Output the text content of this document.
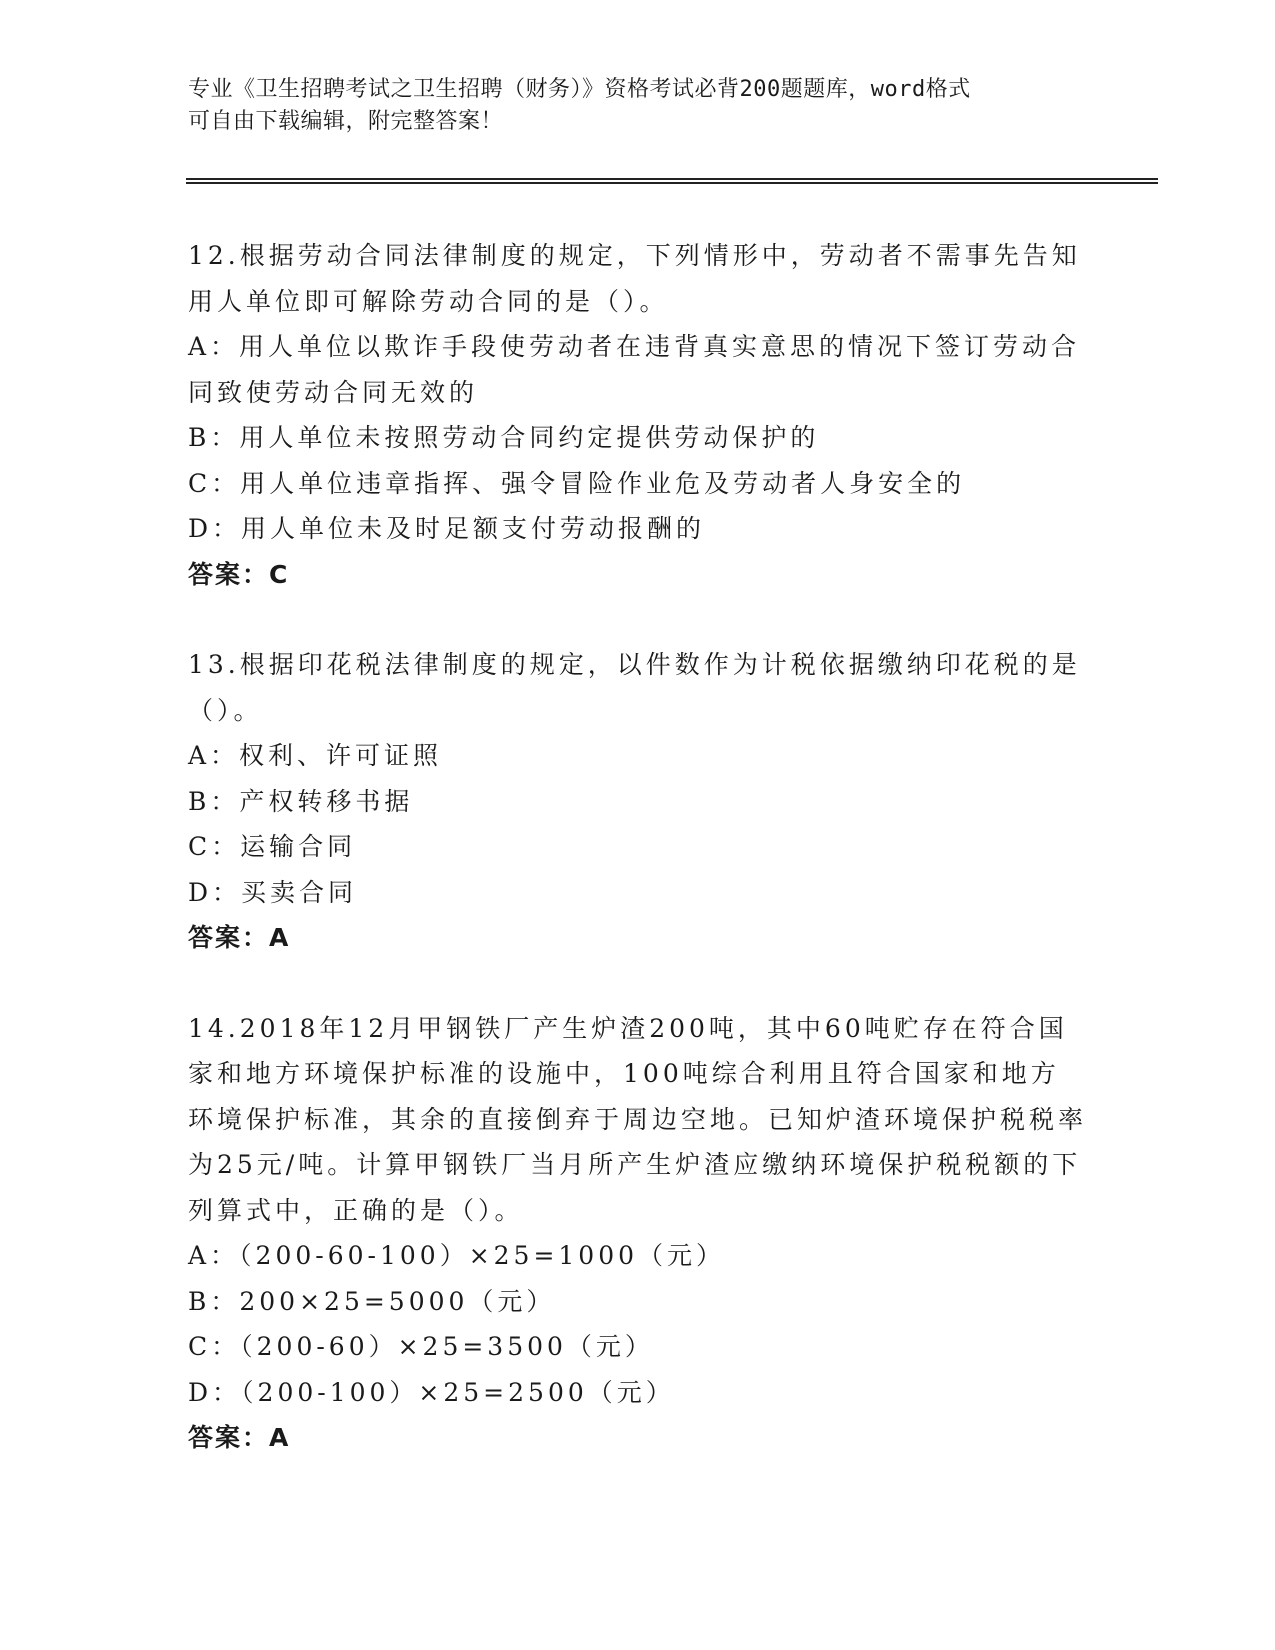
专业《卫生招聘考试之卫生招聘（财务）》资格考试必背200题题库，word格式
可自由下载编辑，附完整答案！

12.根据劳动合同法律制度的规定，下列情形中，劳动者不需事先告知用人单位即可解除劳动合同的是（）。

A：用人单位以欺诈手段使劳动者在违背真实意思的情况下签订劳动合同致使劳动合同无效的

B：用人单位未按照劳动合同约定提供劳动保护的

C：用人单位违章指挥、强令冒险作业危及劳动者人身安全的

D：用人单位未及时足额支付劳动报酬的

答案：C

13.根据印花税法律制度的规定，以件数作为计税依据缴纳印花税的是（）。

A：权利、许可证照

B：产权转移书据

C：运输合同

D：买卖合同

答案：A

14.2018年12月甲钢铁厂产生炉渣200吨，其中60吨贮存在符合国家和地方环境保护标准的设施中，100吨综合利用且符合国家和地方环境保护标准，其余的直接倒弃于周边空地。已知炉渣环境保护税税率为25元/吨。计算甲钢铁厂当月所产生炉渣应缴纳环境保护税税额的下列算式中，正确的是（）。

A：（200-60-100）×25=1000（元）

B：200×25=5000（元）

C：（200-60）×25=3500（元）

D：（200-100）×25=2500（元）

答案：A
